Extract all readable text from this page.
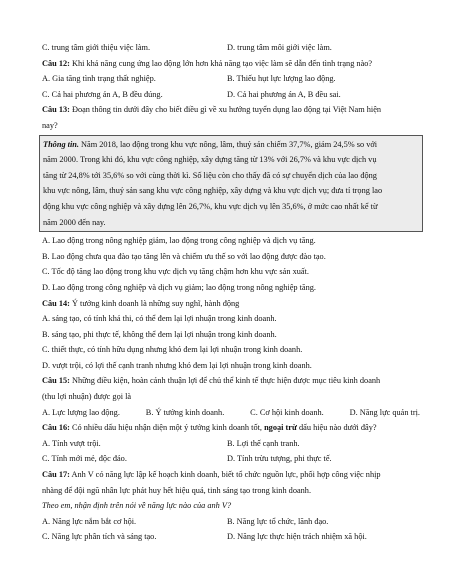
C. trung tâm giới thiệu việc làm.	D. trung tâm môi giới việc làm.
Câu 12: Khi khả năng cung ứng lao động lớn hơn khả năng tạo việc làm sẽ dẫn đến tình trạng nào?
A. Gia tăng tình trạng thất nghiệp.	B. Thiếu hụt lực lượng lao động.
C. Cả hai phương án A, B đều đúng.	D. Cả hai phương án A, B đều sai.
Câu 13: Đoạn thông tin dưới đây cho biết điều gì về xu hướng tuyển dụng lao động tại Việt Nam hiện
nay?
Thông tin. Năm 2018, lao động trong khu vực nông, lâm, thuỷ sản chiếm 37,7%, giảm 24,5% so với
năm 2000. Trong khi đó, khu vực công nghiệp, xây dựng tăng từ 13% với 26,7% và khu vực dịch vụ
tăng từ 24,8% tới 35,6% so với cùng thời kì. Số liệu còn cho thấy đã có sự chuyển dịch của lao động
khu vực nông, lâm, thuỷ sản sang khu vực công nghiệp, xây dựng và khu vực dịch vụ; đưa tỉ trọng lao
động khu vực công nghiệp và xây dựng lên 26,7%, khu vực dịch vụ lên 35,6%, ở mức cao nhất kể từ
năm 2000 đến nay.
A. Lao động trong nông nghiệp giảm, lao động trong công nghiệp và dịch vụ tăng.
B. Lao động chưa qua đào tạo tăng lên và chiếm ưu thế so với lao động được đào tạo.
C. Tốc độ tăng lao động trong khu vực dịch vụ tăng chậm hơn khu vực sản xuất.
D. Lao động trong công nghiệp và dịch vụ giảm; lao động trong nông nghiệp tăng.
Câu 14: Ý tưởng kinh doanh là những suy nghĩ, hành động
A. sáng tạo, có tính khả thi, có thể đem lại lợi nhuận trong kinh doanh.
B. sáng tạo, phi thực tế, không thể đem lại lợi nhuận trong kinh doanh.
C. thiết thực, có tính hữu dụng nhưng khó đem lại lợi nhuận trong kinh doanh.
D. vượt trội, có lợi thế cạnh tranh nhưng khó đem lại lợi nhuận trong kinh doanh.
Câu 15: Những điều kiện, hoàn cảnh thuận lợi để chủ thể kinh tế thực hiện được mục tiêu kinh doanh
(thu lợi nhuận) được gọi là
A. Lực lượng lao động.	B. Ý tưởng kinh doanh.	C. Cơ hội kinh doanh.	D. Năng lực quản trị.
Câu 16: Có nhiều dấu hiệu nhận diện một ý tưởng kinh doanh tốt, ngoại trừ dấu hiệu nào dưới đây?
A. Tính vượt trội.	B. Lợi thế cạnh tranh.
C. Tính mới mẻ, độc đáo.	D. Tính trừu tượng, phi thực tế.
Câu 17: Anh V có năng lực lập kế hoạch kinh doanh, biết tổ chức nguồn lực, phối hợp công việc nhịp
nhàng để đội ngũ nhân lực phát huy hết hiệu quả, tinh sáng tạo trong kinh doanh.
Theo em, nhận định trên nói về năng lực nào của anh V?
A. Năng lực nắm bắt cơ hội.	B. Năng lực tổ chức, lãnh đạo.
C. Năng lực phân tích và sáng tạo.	D. Năng lực thực hiện trách nhiệm xã hội.
